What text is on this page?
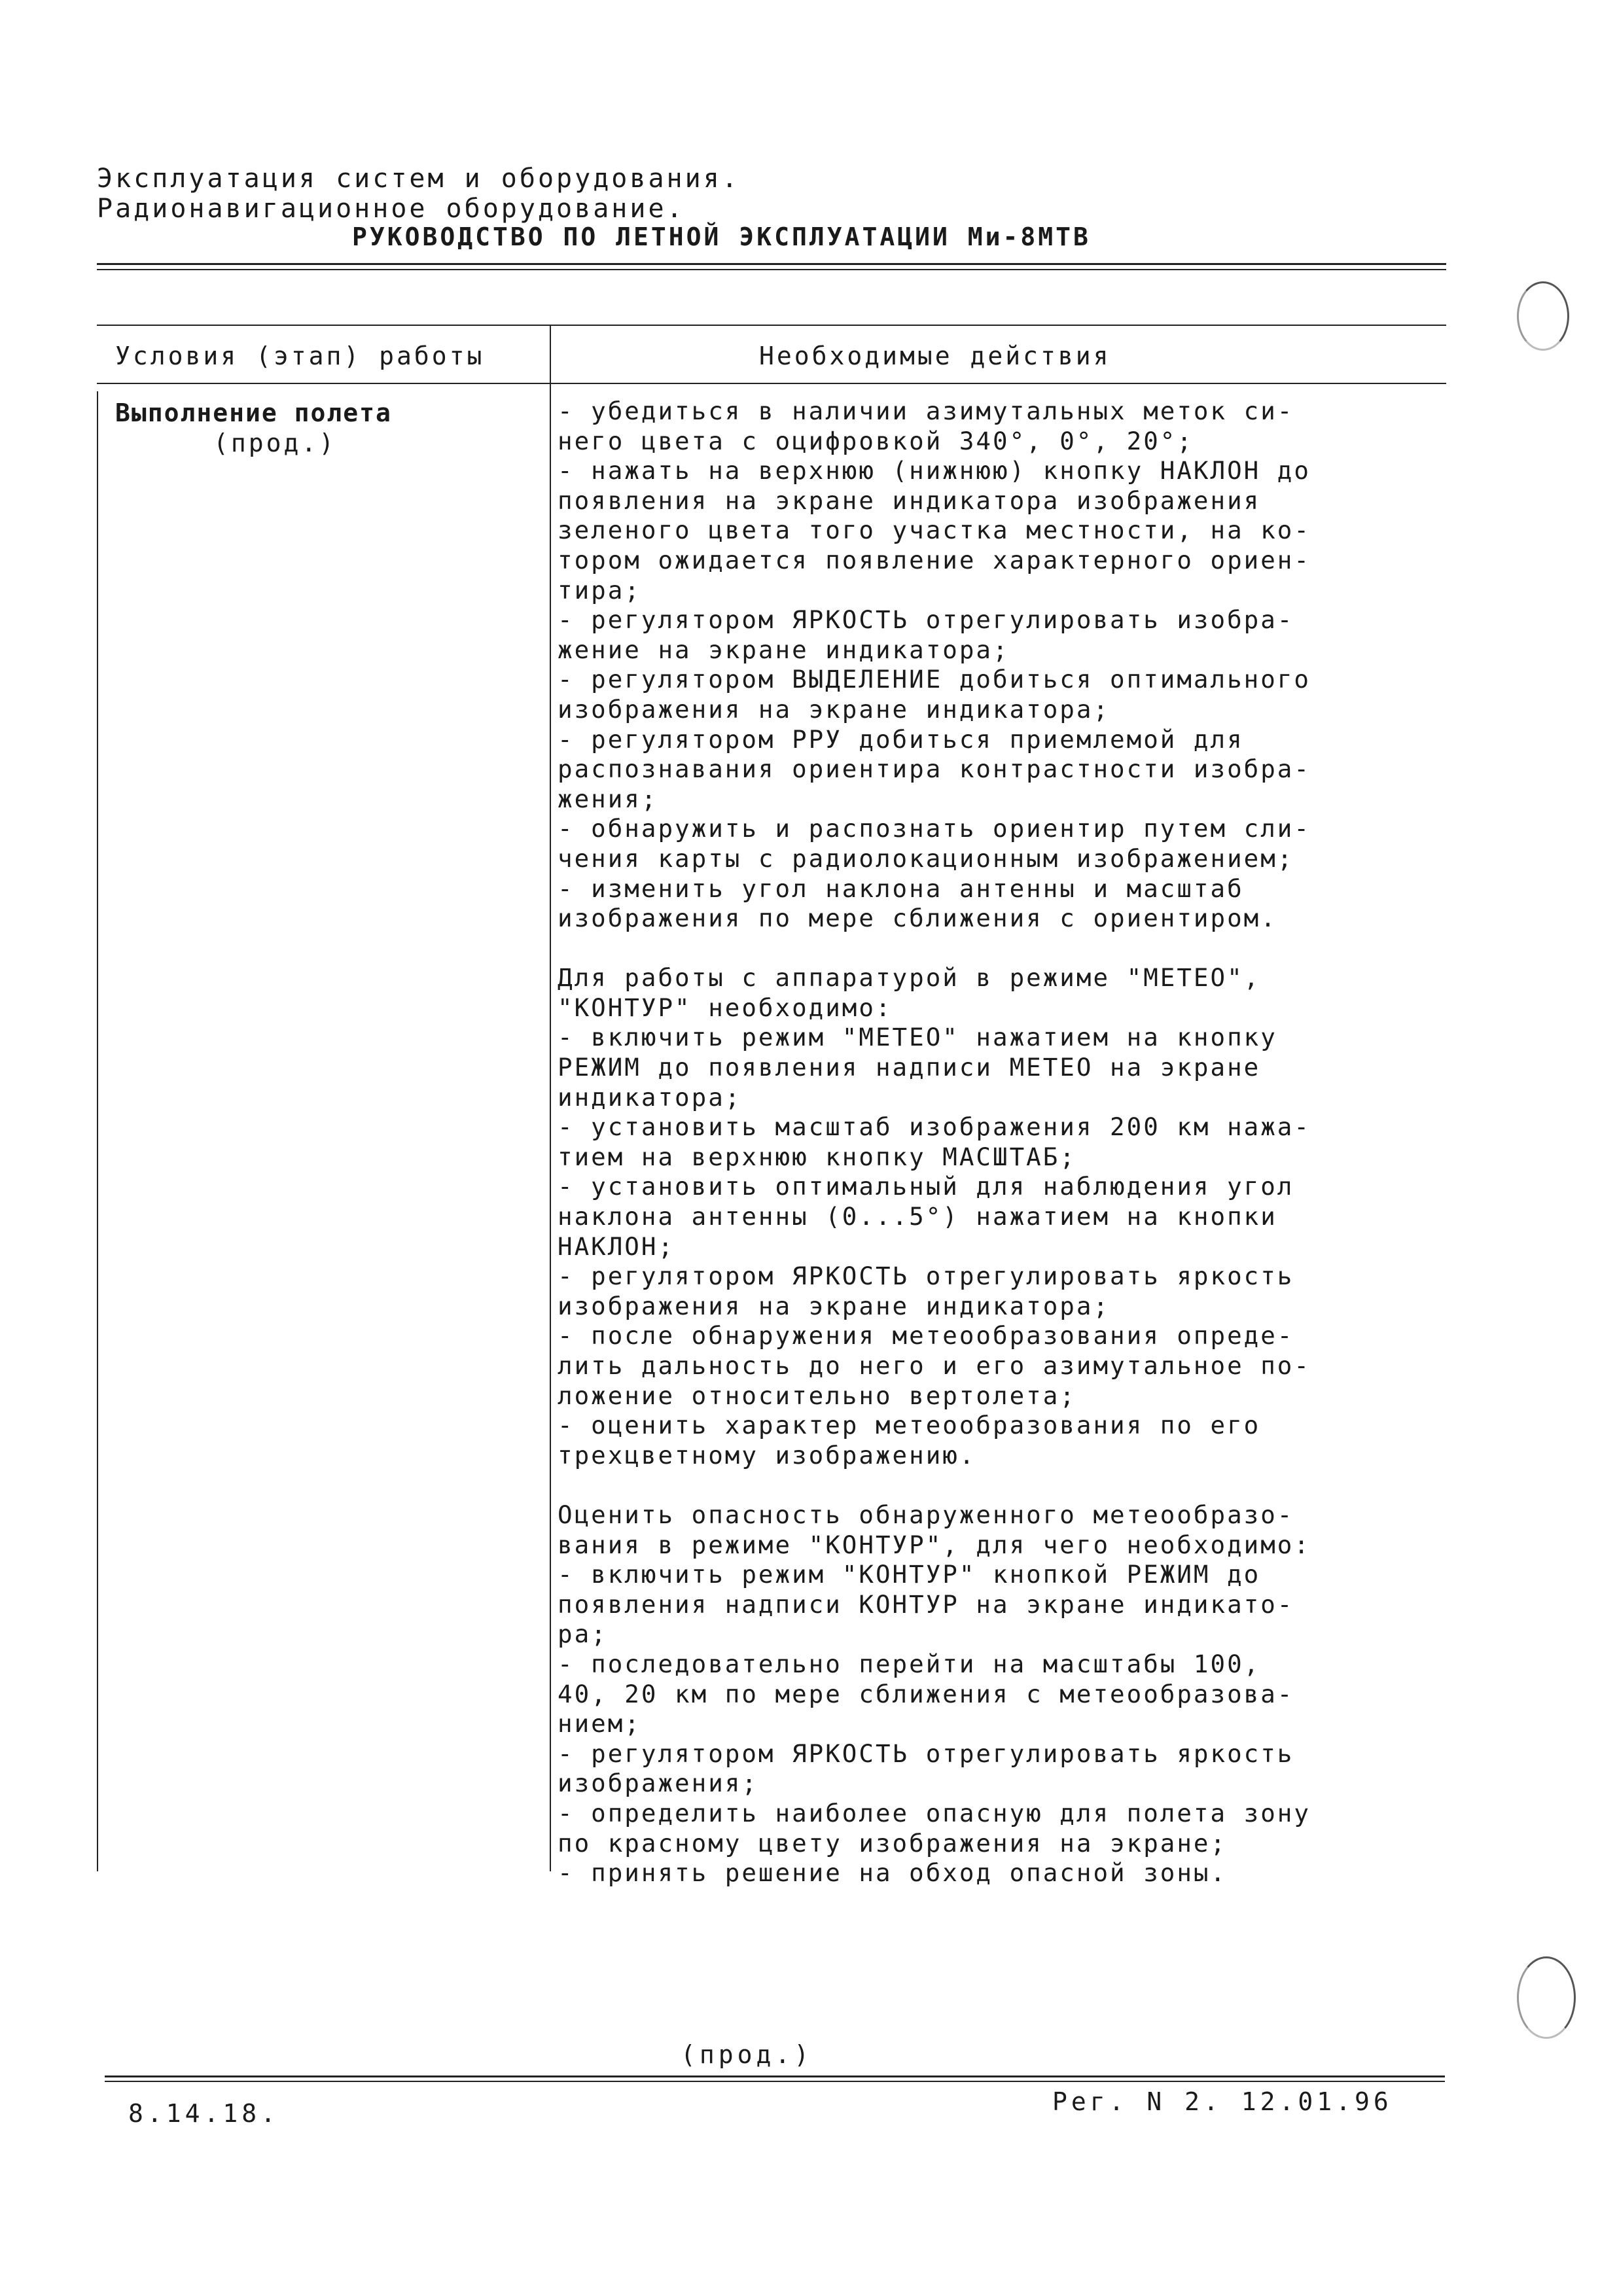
Эксплуатация систем и оборудования.
Радионавигационное оборудование.
РУКОВОДСТВО ПО ЛЕТНОЙ ЭКСПЛУАТАЦИИ Ми-8МТВ
Условия (этап) работы	Необходимые действия
Выполнение полета
(прод.)

- убедиться в наличии азимутальных меток си-

него цвета с оцифровкой 340°, 0°, 20°;

- нажать на верхнюю (нижнюю) кнопку НАКЛОН до

появления на экране индикатора изображения

зеленого цвета того участка местности, на ко-

тором ожидается появление характерного ориен-

тира;

- регулятором ЯРКОСТЬ отрегулировать изобра-

жение на экране индикатора;

- регулятором ВЫДЕЛЕНИЕ добиться оптимального

изображения на экране индикатора;

- регулятором РРУ добиться приемлемой для

распознавания ориентира контрастности изобра-

жения;

- обнаружить и распознать ориентир путем сли-

чения карты с радиолокационным изображением;

- изменить угол наклона антенны и масштаб

изображения по мере сближения с ориентиром.

Для работы с аппаратурой в режиме "МЕТЕО",

"КОНТУР" необходимо:

- включить режим "МЕТЕО" нажатием на кнопку

РЕЖИМ до появления надписи МЕТЕО на экране

индикатора;

- установить масштаб изображения 200 км нажа-

тием на верхнюю кнопку МАСШТАБ;

- установить оптимальный для наблюдения угол

наклона антенны (0...5°) нажатием на кнопки

НАКЛОН;

- регулятором ЯРКОСТЬ отрегулировать яркость

изображения на экране индикатора;

- после обнаружения метеообразования опреде-

лить дальность до него и его азимутальное по-

ложение относительно вертолета;

- оценить характер метеообразования по его

трехцветному изображению.

Оценить опасность обнаруженного метеообразо-

вания в режиме "КОНТУР", для чего необходимо:

- включить режим "КОНТУР" кнопкой РЕЖИМ до

появления надписи КОНТУР на экране индикато-

ра;

- последовательно перейти на масштабы 100,

40, 20 км по мере сближения с метеообразова-

нием;

- регулятором ЯРКОСТЬ отрегулировать яркость

изображения;

- определить наиболее опасную для полета зону

по красному цвету изображения на экране;

- принять решение на обход опасной зоны.

(прод.)
8.14.18.	Рег. N 2. 12.01.96
